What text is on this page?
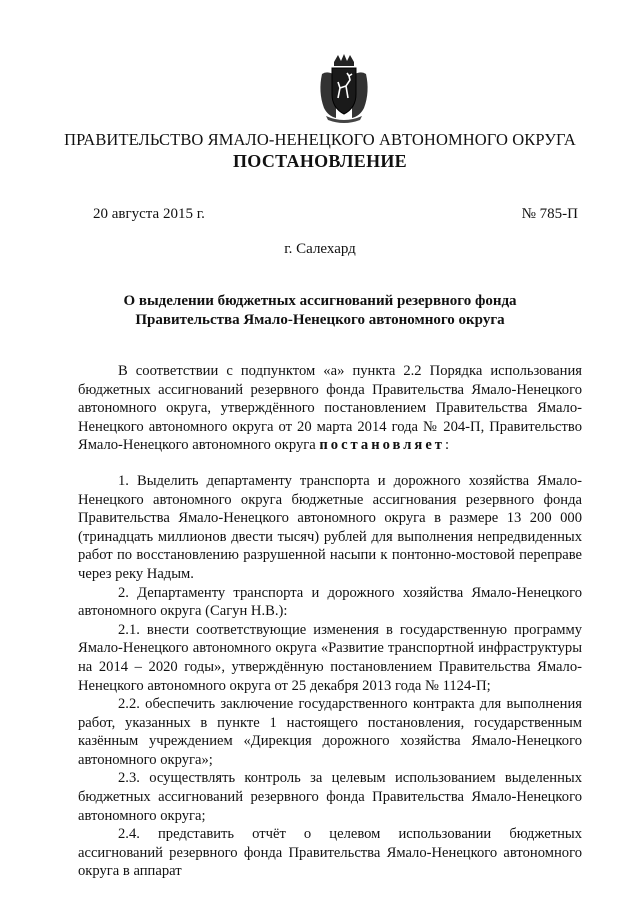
ПРАВИТЕЛЬСТВО ЯМАЛО-НЕНЕЦКОГО АВТОНОМНОГО ОКРУГА
ПОСТАНОВЛЕНИЕ
20 августа 2015 г.	№ 785-П
г. Салехард
О выделении бюджетных ассигнований резервного фонда
Правительства Ямало-Ненецкого автономного округа

В соответствии с подпунктом «а» пункта 2.2 Порядка использования бюджетных ассигнований резервного фонда Правительства Ямало-Ненецкого автономного округа, утверждённого постановлением Правительства Ямало-Ненецкого автономного округа от 20 марта 2014 года № 204-П, Правительство Ямало-Ненецкого автономного округа постановляет:

1. Выделить департаменту транспорта и дорожного хозяйства Ямало-Ненецкого автономного округа бюджетные ассигнования резервного фонда Правительства Ямало-Ненецкого автономного округа в размере 13 200 000 (тринадцать миллионов двести тысяч) рублей для выполнения непредвиденных работ по восстановлению разрушенной насыпи к понтонно-мостовой переправе через реку Надым.

2. Департаменту транспорта и дорожного хозяйства Ямало-Ненецкого автономного округа (Сагун Н.В.):

2.1. внести соответствующие изменения в государственную программу Ямало-Ненецкого автономного округа «Развитие транспортной инфраструктуры на 2014 – 2020 годы», утверждённую постановлением Правительства Ямало-Ненецкого автономного округа от 25 декабря 2013 года № 1124-П;

2.2. обеспечить заключение государственного контракта для выполнения работ, указанных в пункте 1 настоящего постановления, государственным казённым учреждением «Дирекция дорожного хозяйства Ямало-Ненецкого автономного округа»;

2.3. осуществлять контроль за целевым использованием выделенных бюджетных ассигнований резервного фонда Правительства Ямало-Ненецкого автономного округа;

2.4. представить отчёт о целевом использовании бюджетных ассигнований резервного фонда Правительства Ямало-Ненецкого автономного округа в аппарат
